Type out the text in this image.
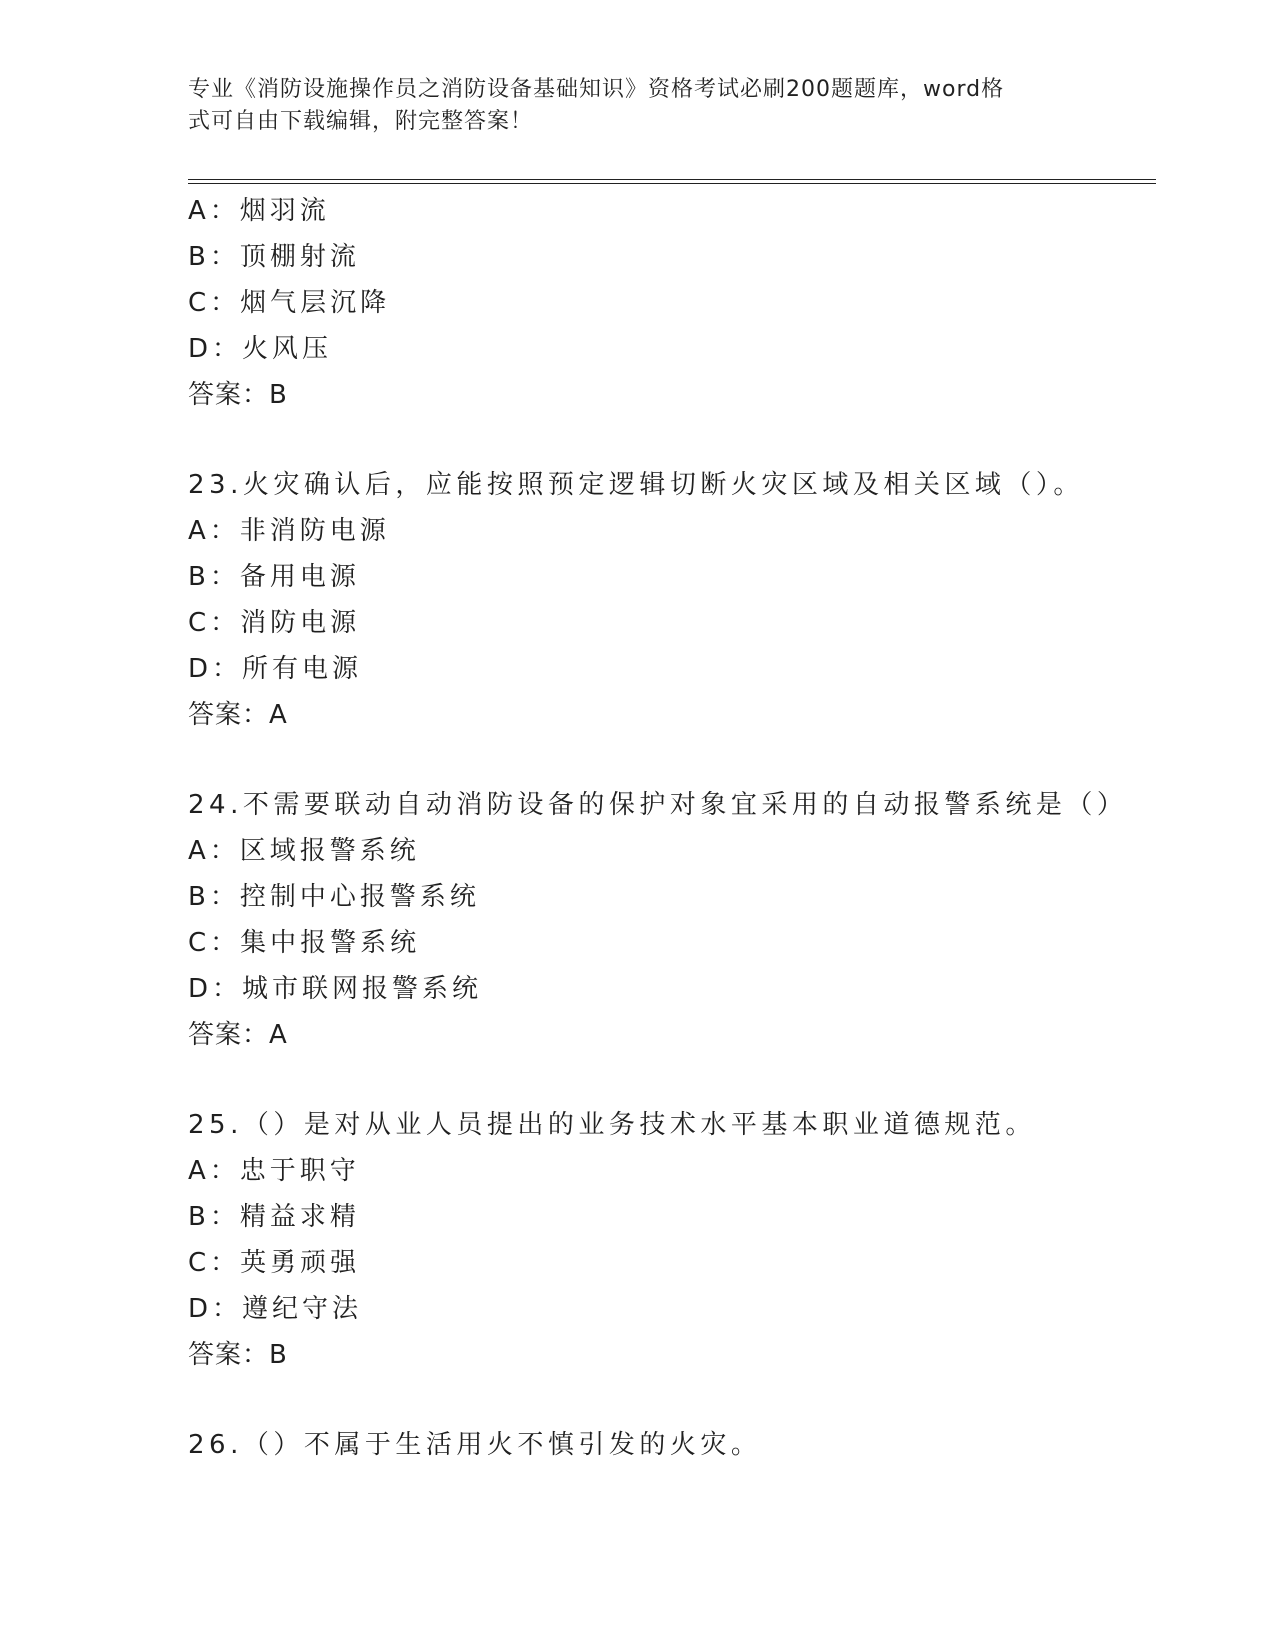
专业《消防设施操作员之消防设备基础知识》资格考试必刷200题题库，word格
式可自由下载编辑，附完整答案！
A：烟羽流
B：顶棚射流
C：烟气层沉降
D：火风压
答案：B
23.火灾确认后，应能按照预定逻辑切断火灾区域及相关区域（）。
A：非消防电源
B：备用电源
C：消防电源
D：所有电源
答案：A
24.不需要联动自动消防设备的保护对象宜采用的自动报警系统是（）
A：区域报警系统
B：控制中心报警系统
C：集中报警系统
D：城市联网报警系统
答案：A
25.（）是对从业人员提出的业务技术水平基本职业道德规范。
A：忠于职守
B：精益求精
C：英勇顽强
D：遵纪守法
答案：B
26.（）不属于生活用火不慎引发的火灾。
